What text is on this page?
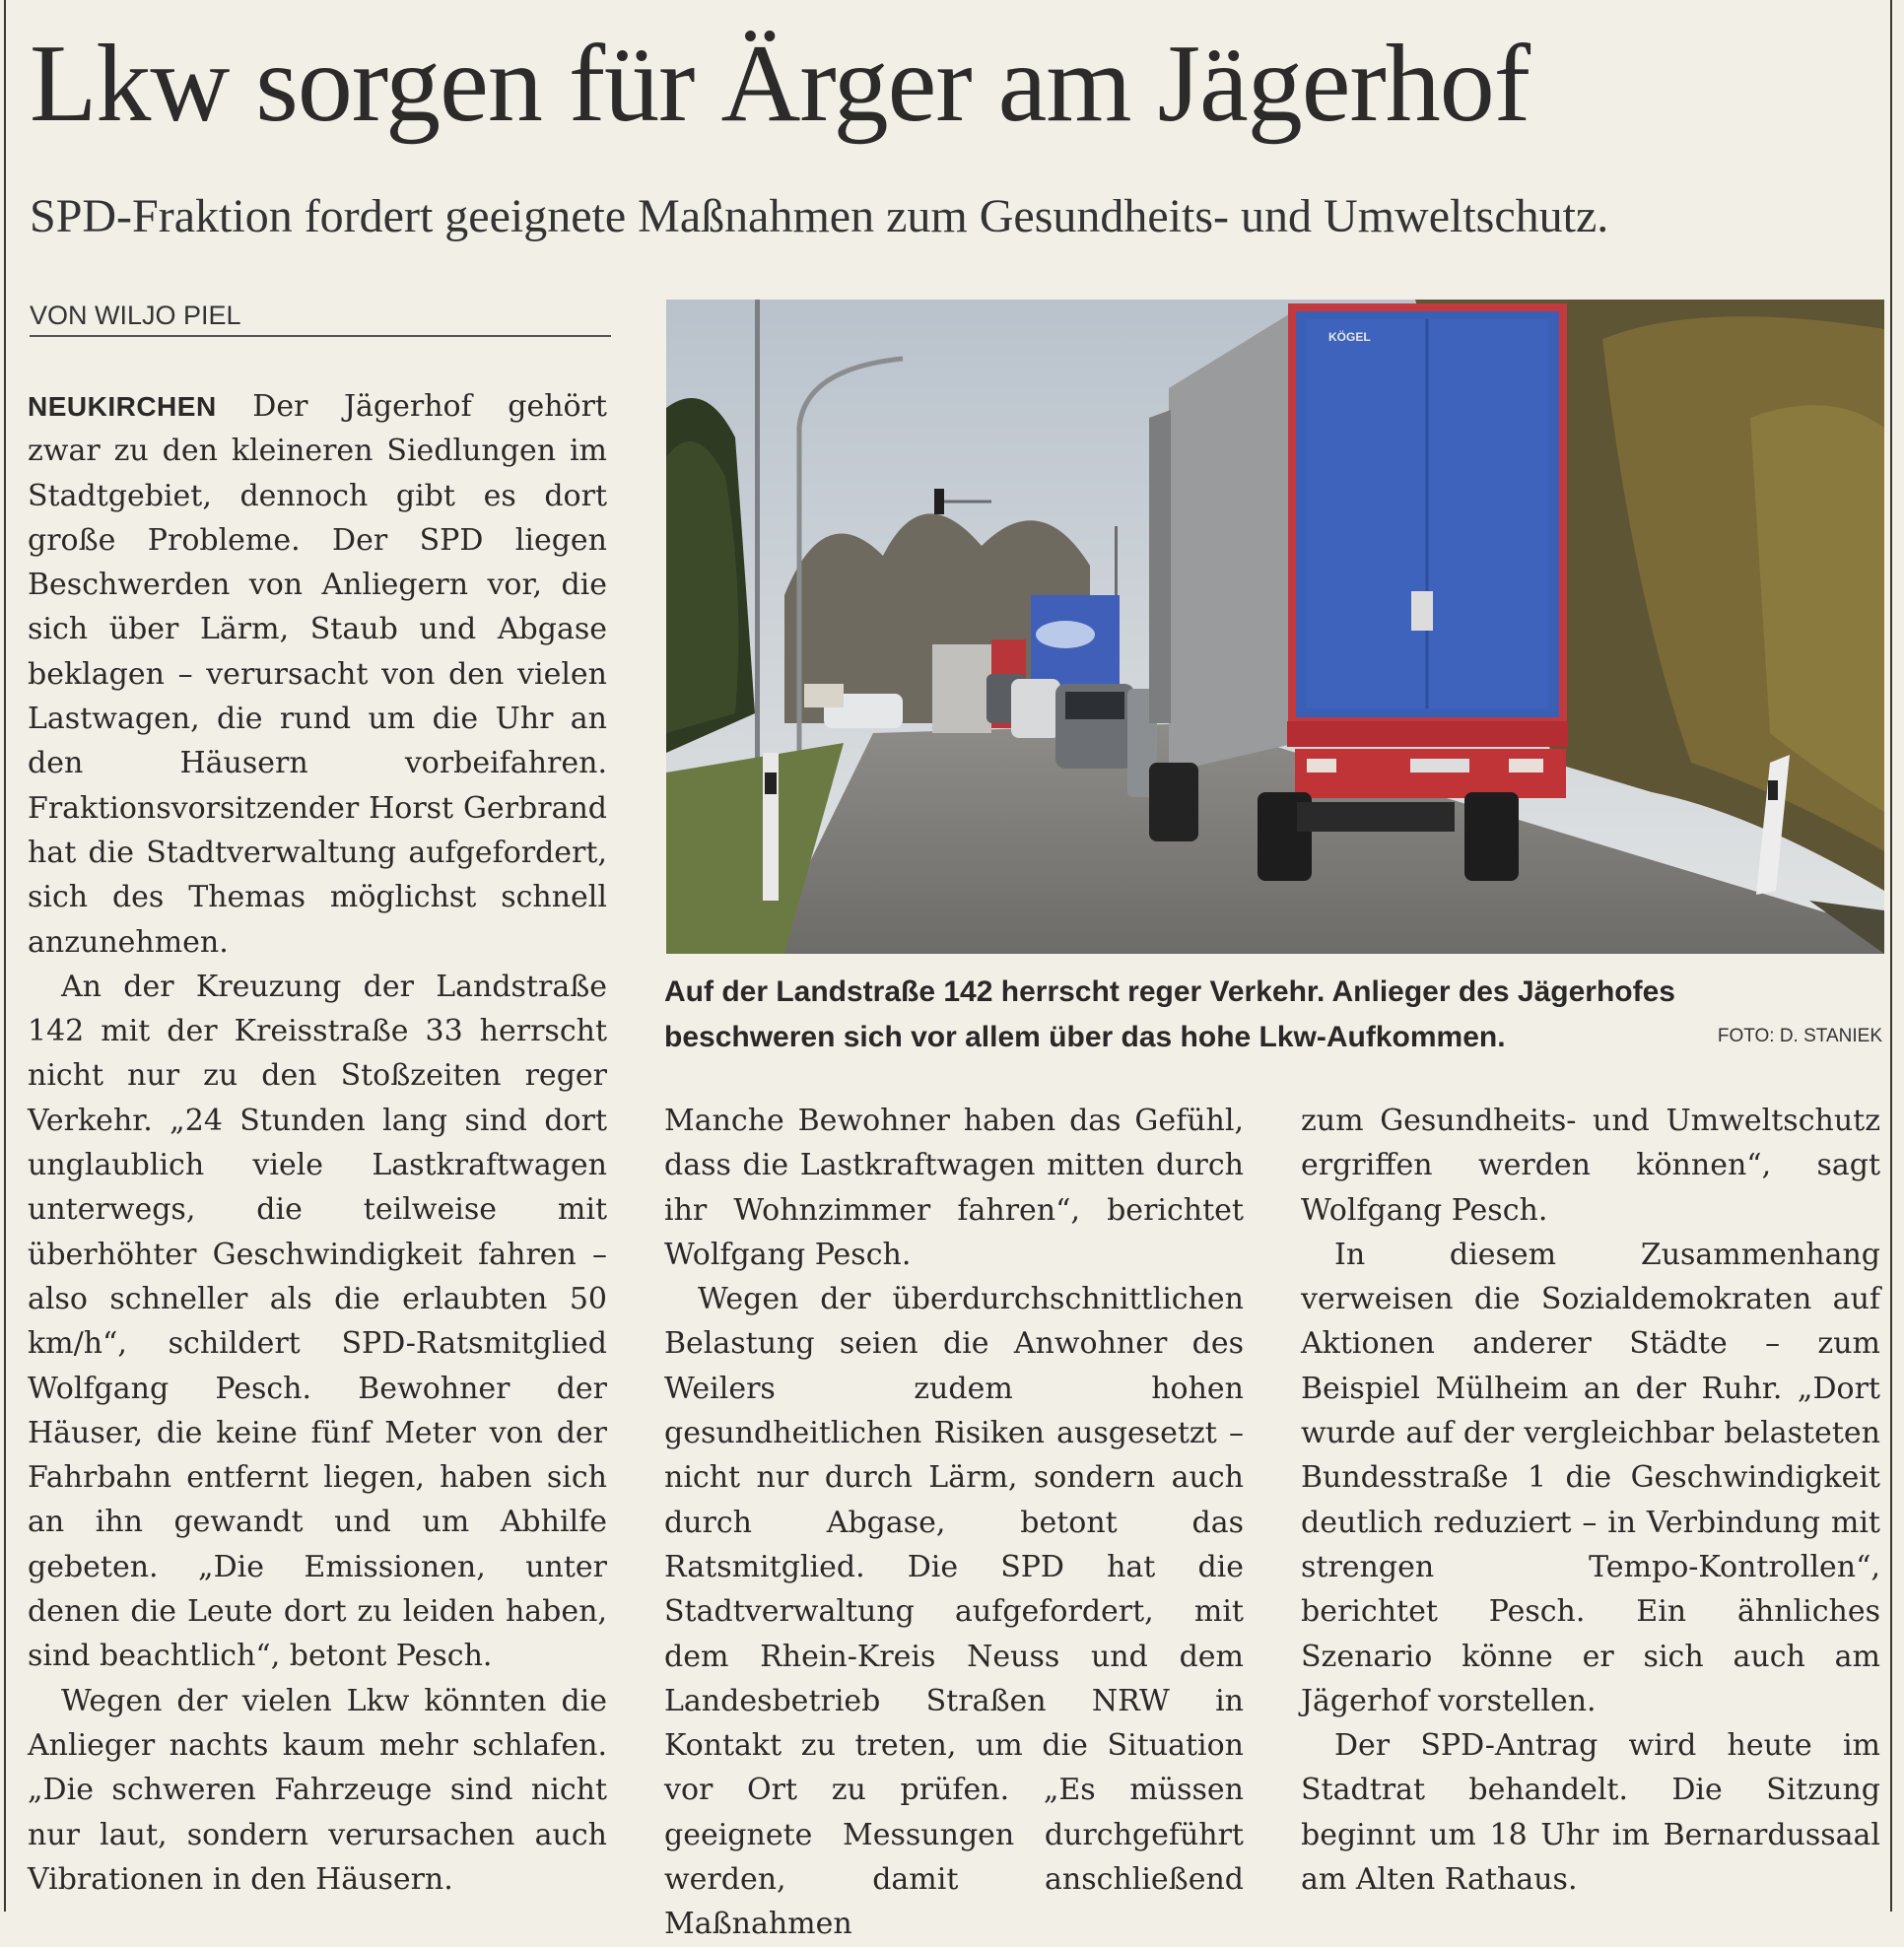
Lkw sorgen für Ärger am Jägerhof
SPD-Fraktion fordert geeignete Maßnahmen zum Gesundheits- und Umweltschutz.
VON WILJO PIEL

NEUKIRCHEN Der Jägerhof gehört zwar zu den kleineren Siedlungen im Stadtgebiet, dennoch gibt es dort große Probleme. Der SPD liegen Beschwerden von Anliegern vor, die sich über Lärm, Staub und Abgase beklagen – verursacht von den vielen Lastwagen, die rund um die Uhr an den Häusern vorbeifahren. Fraktionsvorsitzender Horst Gerbrand hat die Stadtverwaltung aufgefordert, sich des Themas möglichst schnell anzunehmen.

An der Kreuzung der Landstraße 142 mit der Kreisstraße 33 herrscht nicht nur zu den Stoßzeiten reger Verkehr. „24 Stunden lang sind dort unglaublich viele Lastkraftwagen unterwegs, die teilweise mit überhöhter Geschwindigkeit fahren – also schneller als die erlaubten 50 km/h“, schildert SPD-Ratsmitglied Wolfgang Pesch. Bewohner der Häuser, die keine fünf Meter von der Fahrbahn entfernt liegen, haben sich an ihn gewandt und um Abhilfe gebeten. „Die Emissionen, unter denen die Leute dort zu leiden haben, sind beachtlich“, betont Pesch.

Wegen der vielen Lkw könnten die Anlieger nachts kaum mehr schlafen. „Die schweren Fahrzeuge sind nicht nur laut, sondern verursachen auch Vibrationen in den Häusern.

KÖGEL
Auf der Landstraße 142 herrscht reger Verkehr. Anlieger des Jägerhofes beschweren sich vor allem über das hohe Lkw-Aufkommen.	FOTO: D. STANIEK

Manche Bewohner haben das Gefühl, dass die Lastkraftwagen mitten durch ihr Wohnzimmer fahren“, berichtet Wolfgang Pesch.

Wegen der überdurchschnittlichen Belastung seien die Anwohner des Weilers zudem hohen gesundheitlichen Risiken ausgesetzt – nicht nur durch Lärm, sondern auch durch Abgase, betont das Ratsmitglied. Die SPD hat die Stadtverwaltung aufgefordert, mit dem Rhein-Kreis Neuss und dem Landesbetrieb Straßen NRW in Kontakt zu treten, um die Situation vor Ort zu prüfen. „Es müssen geeignete Messungen durchgeführt werden, damit anschließend Maßnahmen

zum Gesundheits- und Umweltschutz ergriffen werden können“, sagt Wolfgang Pesch.

In diesem Zusammenhang verweisen die Sozialdemokraten auf Aktionen anderer Städte – zum Beispiel Mülheim an der Ruhr. „Dort wurde auf der vergleichbar belasteten Bundesstraße 1 die Geschwindigkeit deutlich reduziert – in Verbindung mit strengen Tempo-Kontrollen“, berichtet Pesch. Ein ähnliches Szenario könne er sich auch am Jägerhof vorstellen.

Der SPD-Antrag wird heute im Stadtrat behandelt. Die Sitzung beginnt um 18 Uhr im Bernardussaal am Alten Rathaus.
